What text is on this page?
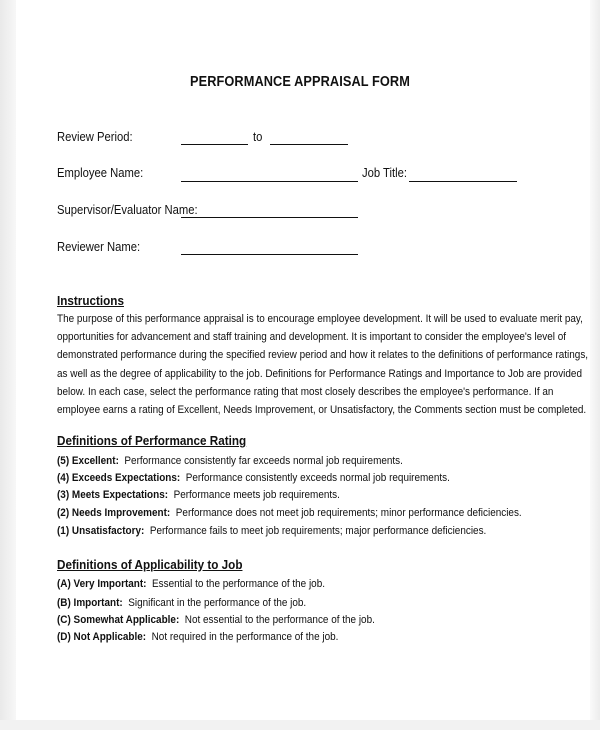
PERFORMANCE APPRAISAL FORM
Review Period:	to
Employee Name:	Job Title:
Supervisor/Evaluator Name:
Reviewer Name:
Instructions
The purpose of this performance appraisal is to encourage employee development. It will be used to evaluate merit pay,
opportunities for advancement and staff training and development. It is important to consider the employee's level of
demonstrated performance during the specified review period and how it relates to the definitions of performance ratings,
as well as the degree of applicability to the job. Definitions for Performance Ratings and Importance to Job are provided
below. In each case, select the performance rating that most closely describes the employee's performance. If an
employee earns a rating of Excellent, Needs Improvement, or Unsatisfactory, the Comments section must be completed.
Definitions of Performance Rating
(5) Excellent: Performance consistently far exceeds normal job requirements.
(4) Exceeds Expectations: Performance consistently exceeds normal job requirements.
(3) Meets Expectations: Performance meets job requirements.
(2) Needs Improvement: Performance does not meet job requirements; minor performance deficiencies.
(1) Unsatisfactory: Performance fails to meet job requirements; major performance deficiencies.
Definitions of Applicability to Job
(A) Very Important: Essential to the performance of the job.
(B) Important: Significant in the performance of the job.
(C) Somewhat Applicable: Not essential to the performance of the job.
(D) Not Applicable: Not required in the performance of the job.
